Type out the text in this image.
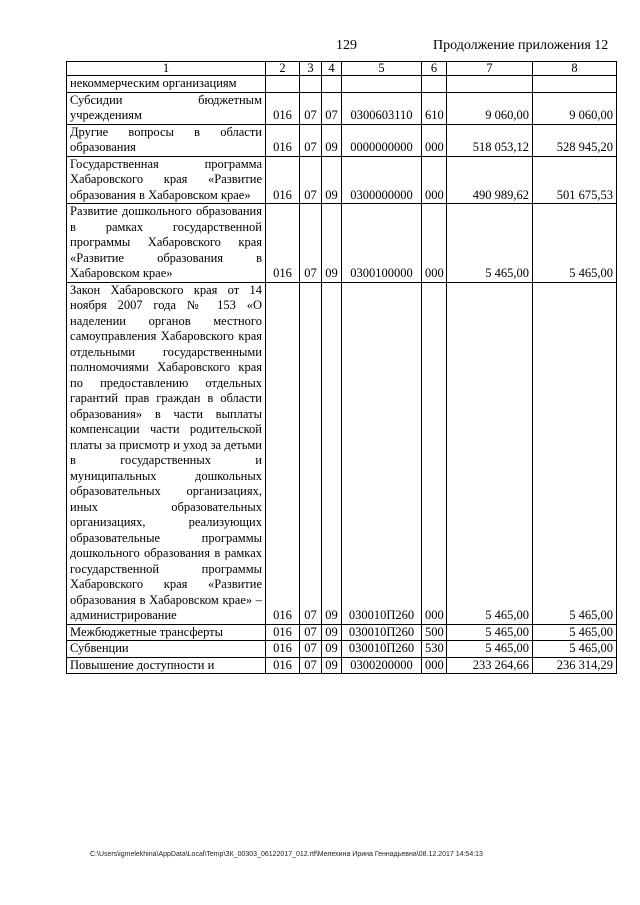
129	Продолжение приложения 12
1	2	3	4	5	6	7	8
некоммерческим организациям							
Субсидии бюджетным учреждениям	016	07	07	0300603110	610	9 060,00	9 060,00
Другие вопросы в области образования	016	07	09	0000000000	000	518 053,12	528 945,20
Государственная программа Хабаровского края «Развитие образования в Хабаровском крае»	016	07	09	0300000000	000	490 989,62	501 675,53
Развитие дошкольного образования в рамках государственной программы Хабаровского края «Развитие образования в Хабаровском крае»	016	07	09	0300100000	000	5 465,00	5 465,00
Закон Хабаровского края от 14 ноября 2007 года № 153 «О наделении органов местного самоуправления Хабаровского края отдельными государственными полномочиями Хабаровского края по предоставлению отдельных гарантий прав граждан в области образования» в части выплаты компенсации части родительской платы за присмотр и уход за детьми в государственных и муниципальных дошкольных образовательных организациях, иных образовательных организациях, реализующих образовательные программы дошкольного образования в рамках государственной программы Хабаровского края «Развитие образования в Хабаровском крае» – администрирование	016	07	09	030010П260	000	5 465,00	5 465,00
Межбюджетные трансферты	016	07	09	030010П260	500	5 465,00	5 465,00
Субвенции	016	07	09	030010П260	530	5 465,00	5 465,00
Повышение доступности и	016	07	09	0300200000	000	233 264,66	236 314,29
C:\Users\igmelekhina\AppData\Local\Temp\ЗК_00303_06122017_012.rtf\Мелехина Ирина Геннадьевна\08.12.2017 14:54:13
